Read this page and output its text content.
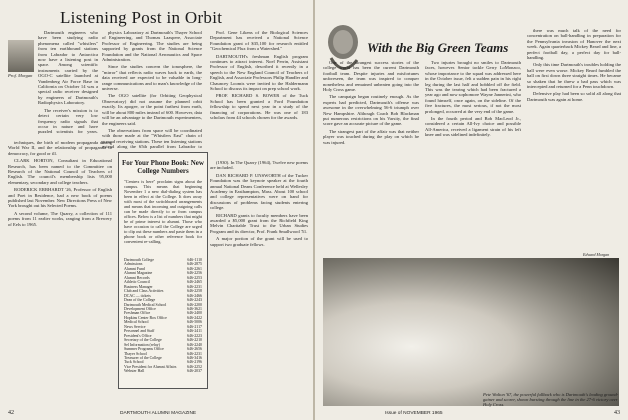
Listening Post in Orbit
Prof. Morgan

Dartmouth engineers who have been studying radio phenomena called "whistlers" from ten earthbound stations from Labrador to Antarctica now have a listening post in space. Among scientific instruments carried by the OGO-C satellite launched at Vandenberg Air Force Base in California on October 14 was a special radio receiver designed by engineers of Dartmouth's Radiophysics Laboratory.

The receiver's mission is to detect certain very low frequency radio signals that occur in nature and have puzzled scientists for years.

physics Laboratory at Dartmouth's Thayer School of Engineering, and Thomas Laaspere, Associate Professor of Engineering. The studies are being supported by grants from the National Science Foundation and the National Aeronautics and Space Administration.

Since the studies concern the ionosphere, the "mirror" that reflects radio waves back to earth, the data received are expected to be valuable in long-range communications and to man's knowledge of the universe.

The OGO satellite (for Orbiting Geophysical Observatory) did not assume the planned orbit exactly. Its apogee, or the point farthest from earth, will be about 800 miles instead of 600. However, data will be an advantage to the Dartmouth experimenters, the engineers said.

The observations from space will be coordinated with those made at the "Whistlers East" chain of ground receiving stations. These ten listening stations extend along the 65th parallel from Labrador to

techniques, the birth of modern propaganda during World War II, and the relationship of propaganda to democracy, for good or ill.

CLARK HORTON, Consultant in Educational Research, has been named to the Committee on Research of the National Council of Teachers of English. The council's membership lists 95,000 elementary, secondary and college teachers.

RODERICK ERRHARDT '26, Professor of English and Poet in Residence, had a new book of poems published last November. New Directions Press of New York brought out his Selected Poems.

A second volume, The Quarry, a collection of 111 poems from 11 earlier works, ranging from a Brewery of Eels to 1965.

For Your Phone Book: New College Numbers
"Centrex is here" proclaim signs about the campus. This means that beginning November 1 a new dial-dialing system has been in effect at the College. It does away with most of the switchboard arrangements and means that incoming and outgoing calls can be made directly to or from campus offices. Below is a list of numbers that might be of prime interest to alumni. Those who have occasion to call the College are urged to clip out these numbers and paste them in a phone book or other reference book for convenient re-calling.
Dartmouth College	646-1110
Admissions	646-2875
Alumni Fund	646-2261
Alumni Magazine	646-2256
Alumni Records	646-2253
Athletic Council	646-2465
Business Manager	646-2231
Club and Class Activities	646-2258
DCAC — tickets	646-2466
Dean of the College	646-2243
Dartmouth Medical School	646-2200
Development Office	646-3621
Freshman Office	646-2400
Hopkins Center Box Office	646-2422
Medical School	646-5006
News Service	646-2117
Personnel and Staff	646-2411
President's Office	646-2223
Secretary of the College	646-2210
Sel Information (relay)	646-2240
Summer Programs Office	646-2656
Thayer School	646-2231
Treasurer of the College	646-3416
Tuck School	646-2196
Vice President for Alumni Affairs	646-2252
Webster Hall	646-2037

Prof. Gene Likens of the Biological Sciences Department has received a National Science Foundation grant of $35,100 for research entitled "Geochemical Flux from a Watershed."

DARTMOUTH's freshman English program continues to attract interest. Noel Perrin, Assistant Professor of English, described it recently in a speech to the New England Council of Teachers of English, and Associate Professors Philip Handler and Chauncey Loomis were invited to the Haldermann School to discuss its impact on prep school work.

PROF. RICHARD S. BOWER of the Tuck School has been granted a Ford Foundation fellowship to spend next year in a study of the financing of corporations. He was one of 183 scholars from 44 schools chosen for the awards.

(1930). In The Quarry (1964), Twelve new poems are included.

DAN RICHARD P. UNSWORTH of the Tucker Foundation was the keynote speaker at the fourth annual National Deans Conference held at Wellesley Academy in Easthampton, Mass. About 100 school and college representatives were on hand for discussions of problems facing students entering college.

RICHARD grants to faculty members have been awarded a $5,000 grant from the Richfield King Melvin Charitable Trust to the Urban Studies Program and its director, Prof. Frank Smallwood '51.

A major portion of the grant will be used to support two graduate fellows.

42	DARTMOUTH ALUMNI MAGAZINE
With the Big Green Teams

One of the strangest success stories of the college world has been the current Dartmouth football team. Despite injuries and misfortunes unforeseen, the team was inspired to conquer nonetheless and remained unbeaten going into the Holy Cross game.

The campaign began routinely enough. As the experts had predicted, Dartmouth's offense was awesome in the overwhelming 56-6 triumph over New Hampshire. Although Coach Bob Blackman put numerous restrictions on his Varsity, the final score gave an accurate picture of the game.

The strangest part of the affair was that neither player was touched during the play on which he was injured.

Two injuries brought no smiles to Dartmouth faces, however. Senior tackle Gerry LoMonaco, whose importance to the squad was addressed here in the October issue, felt a sudden pain in his right leg during the last half and hobbled off the field. This was the tearing which had been fractured a year ago and now sophomore Wayne Jannerini, who found himself, once again, on the sideline. Of the five fractures, the most serious, if not the most prolonged, occurred at the very end of the game.

In the fourth period and Bob MacLeod Jr., considered a certain All-Ivy choice and possible All-America, received a ligament strain of his left knee and was sidelined indefinitely.

there was much talk of the need for concentration on ball-handling in preparation for the Pennsylvania invasion of Hanover the next week. Again quarterback Mickey Beard and line, a perfect football day, a perfect day for ball-handling.

Only this time Dartmouth's troubles holding the ball were even worse. Mickey Beard fumbled the ball on first down three straight times. He became so shaken that he threw a bad pass which was intercepted and returned for a Penn touchdown.

Defensive play had been so solid all along that Dartmouth was again at home.

Edward Morgan
Pete Walton '67, the powerful fullback who is Dartmouth's leading ground-gainer and scorer, shown bursting through the line in the 27-6 victory over Holy Cross.
Issue of NOVEMBER 1965	43
